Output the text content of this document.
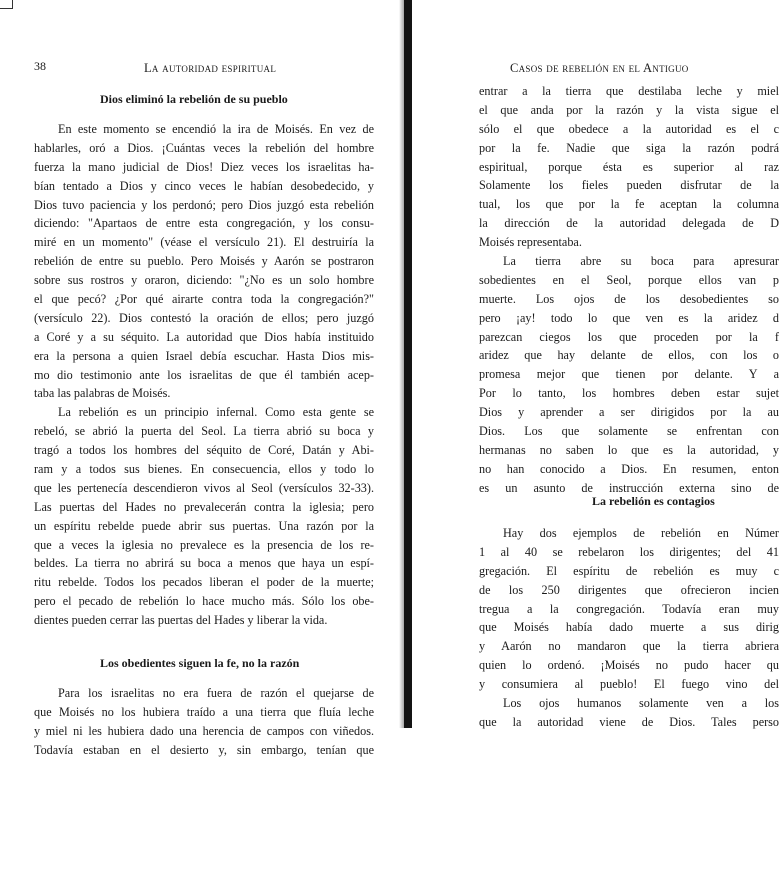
38	La autoridad espiritual
Dios eliminó la rebelión de su pueblo
En este momento se encendió la ira de Moisés. En vez de
hablarles, oró a Dios. ¡Cuántas veces la rebelión del hombre
fuerza la mano judicial de Dios! Diez veces los israelitas ha-
bían tentado a Dios y cinco veces le habían desobedecido, y
Dios tuvo paciencia y los perdonó; pero Dios juzgó esta rebelión
diciendo: "Apartaos de entre esta congregación, y los consu-
miré en un momento" (véase el versículo 21). El destruiría la
rebelión de entre su pueblo. Pero Moisés y Aarón se postraron
sobre sus rostros y oraron, diciendo: "¿No es un solo hombre
el que pecó? ¿Por qué airarte contra toda la congregación?"
(versículo 22). Dios contestó la oración de ellos; pero juzgó
a Coré y a su séquito. La autoridad que Dios había instituido
era la persona a quien Israel debía escuchar. Hasta Dios mis-
mo dio testimonio ante los israelitas de que él también acep-
taba las palabras de Moisés.
La rebelión es un principio infernal. Como esta gente se
rebeló, se abrió la puerta del Seol. La tierra abrió su boca y
tragó a todos los hombres del séquito de Coré, Datán y Abi-
ram y a todos sus bienes. En consecuencia, ellos y todo lo
que les pertenecía descendieron vivos al Seol (versículos 32-33).
Las puertas del Hades no prevalecerán contra la iglesia; pero
un espíritu rebelde puede abrir sus puertas. Una razón por la
que a veces la iglesia no prevalece es la presencia de los re-
beldes. La tierra no abrirá su boca a menos que haya un espí-
ritu rebelde. Todos los pecados liberan el poder de la muerte;
pero el pecado de rebelión lo hace mucho más. Sólo los obe-
dientes pueden cerrar las puertas del Hades y liberar la vida.
Los obedientes siguen la fe, no la razón
Para los israelitas no era fuera de razón el quejarse de
que Moisés no los hubiera traído a una tierra que fluía leche
y miel ni les hubiera dado una herencia de campos con viñedos.
Todavía estaban en el desierto y, sin embargo, tenían que
Casos de rebelión en el Antiguo
entrar a la tierra que destilaba leche y miel
el que anda por la razón y la vista sigue el
sólo el que obedece a la autoridad es el c
por la fe. Nadie que siga la razón podrá
espiritual, porque ésta es superior al raz
Solamente los fieles pueden disfrutar de la
tual, los que por la fe aceptan la columna
la dirección de la autoridad delegada de D
Moisés representaba.
La tierra abre su boca para apresurar
sobedientes en el Seol, porque ellos van p
muerte. Los ojos de los desobedientes so
pero ¡ay! todo lo que ven es la aridez d
parezcan ciegos los que proceden por la f
aridez que hay delante de ellos, con los o
promesa mejor que tienen por delante. Y a
Por lo tanto, los hombres deben estar sujet
Dios y aprender a ser dirigidos por la au
Dios. Los que solamente se enfrentan con
hermanas no saben lo que es la autoridad, y
no han conocido a Dios. En resumen, enton
es un asunto de instrucción externa sino de
La rebelión es contagios
Hay dos ejemplos de rebelión en Númer
1 al 40 se rebelaron los dirigentes; del 41
gregación. El espíritu de rebelión es muy c
de los 250 dirigentes que ofrecieron incien
tregua a la congregación. Todavía eran muy
que Moisés había dado muerte a sus dirig
y Aarón no mandaron que la tierra abriera
quien lo ordenó. ¡Moisés no pudo hacer qu
y consumiera al pueblo! El fuego vino del
Los ojos humanos solamente ven a los
que la autoridad viene de Dios. Tales perso
